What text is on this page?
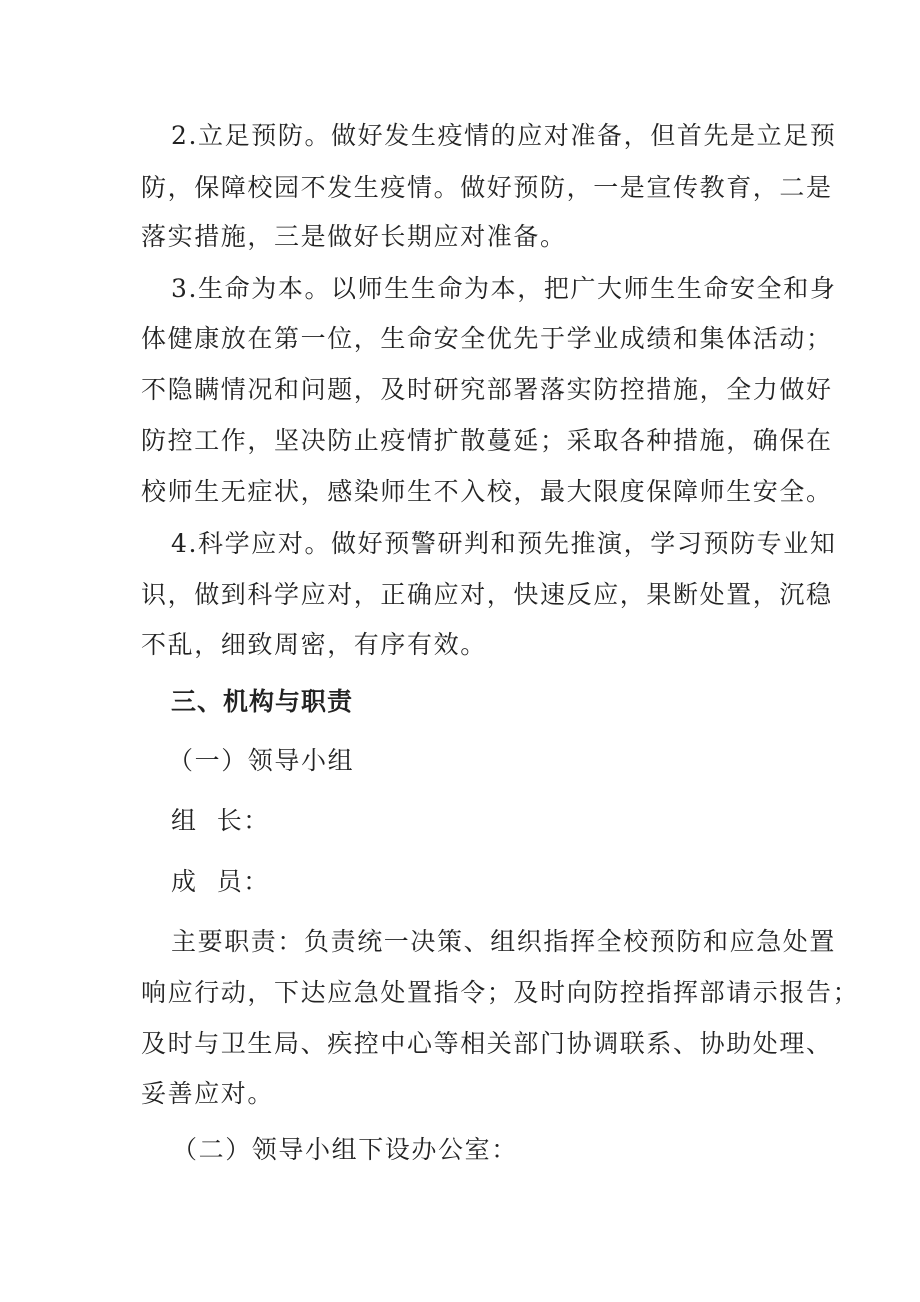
2.立足预防。做好发生疫情的应对准备，但首先是立足预
防，保障校园不发生疫情。做好预防，一是宣传教育，二是
落实措施，三是做好长期应对准备。
3.生命为本。以师生生命为本，把广大师生生命安全和身
体健康放在第一位，生命安全优先于学业成绩和集体活动；
不隐瞒情况和问题，及时研究部署落实防控措施，全力做好
防控工作，坚决防止疫情扩散蔓延；采取各种措施，确保在
校师生无症状，感染师生不入校，最大限度保障师生安全。
4.科学应对。做好预警研判和预先推演，学习预防专业知
识，做到科学应对，正确应对，快速反应，果断处置，沉稳
不乱，细致周密，有序有效。
三、机构与职责
（一）领导小组
组  长：
成  员：
主要职责：负责统一决策、组织指挥全校预防和应急处置
响应行动，下达应急处置指令；及时向防控指挥部请示报告；
及时与卫生局、疾控中心等相关部门协调联系、协助处理、
妥善应对。
（二）领导小组下设办公室：
